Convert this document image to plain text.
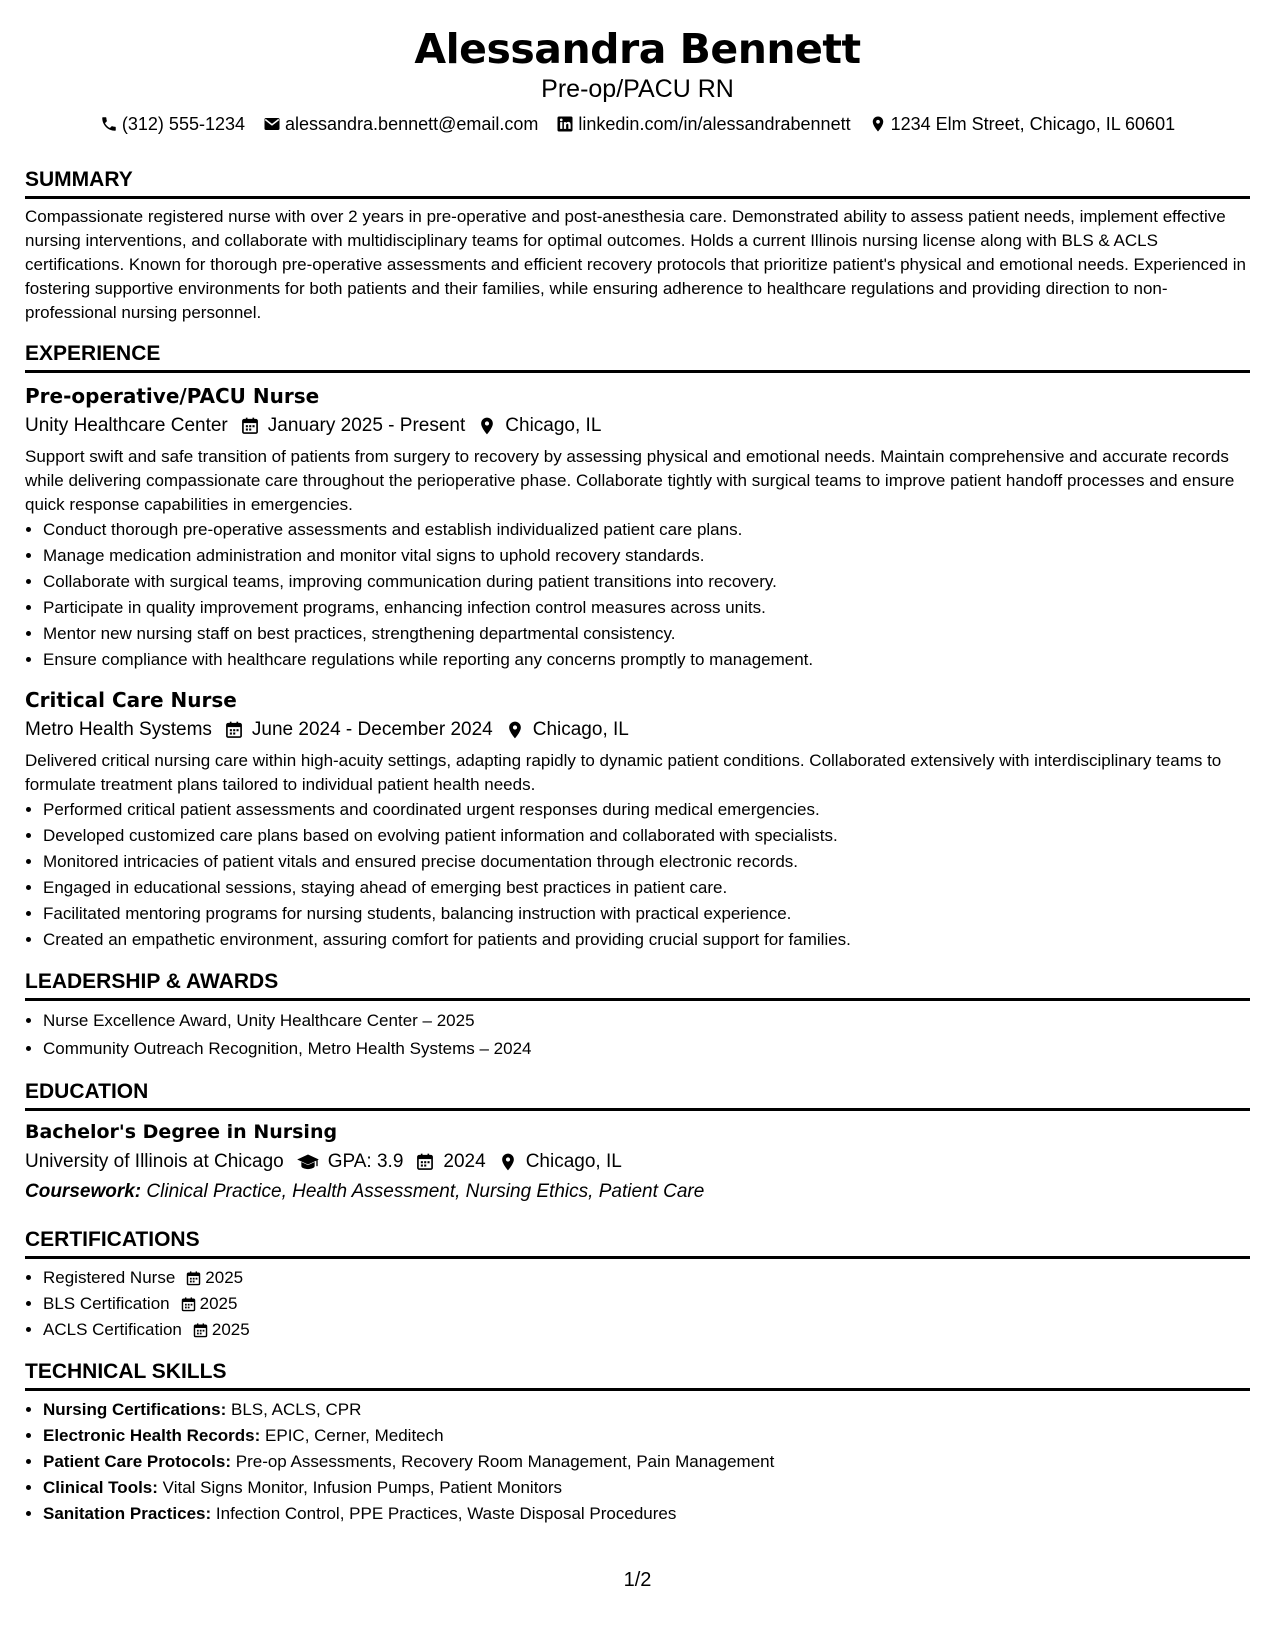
Alessandra Bennett
Pre-op/PACU RN
(312) 555-1234 alessandra.bennett@email.com linkedin.com/in/alessandrabennett 1234 Elm Street, Chicago, IL 60601
SUMMARY
Compassionate registered nurse with over 2 years in pre-operative and post-anesthesia care. Demonstrated ability to assess patient needs, implement effective nursing interventions, and collaborate with multidisciplinary teams for optimal outcomes. Holds a current Illinois nursing license along with BLS & ACLS certifications. Known for thorough pre-operative assessments and efficient recovery protocols that prioritize patient's physical and emotional needs. Experienced in fostering supportive environments for both patients and their families, while ensuring adherence to healthcare regulations and providing direction to non-professional nursing personnel.
EXPERIENCE
Pre-operative/PACU Nurse
Unity Healthcare Center January 2025 - Present Chicago, IL
Support swift and safe transition of patients from surgery to recovery by assessing physical and emotional needs. Maintain comprehensive and accurate records while delivering compassionate care throughout the perioperative phase. Collaborate tightly with surgical teams to improve patient handoff processes and ensure quick response capabilities in emergencies.
• Conduct thorough pre-operative assessments and establish individualized patient care plans.
• Manage medication administration and monitor vital signs to uphold recovery standards.
• Collaborate with surgical teams, improving communication during patient transitions into recovery.
• Participate in quality improvement programs, enhancing infection control measures across units.
• Mentor new nursing staff on best practices, strengthening departmental consistency.
• Ensure compliance with healthcare regulations while reporting any concerns promptly to management.
Critical Care Nurse
Metro Health Systems June 2024 - December 2024 Chicago, IL
Delivered critical nursing care within high-acuity settings, adapting rapidly to dynamic patient conditions. Collaborated extensively with interdisciplinary teams to formulate treatment plans tailored to individual patient health needs.
• Performed critical patient assessments and coordinated urgent responses during medical emergencies.
• Developed customized care plans based on evolving patient information and collaborated with specialists.
• Monitored intricacies of patient vitals and ensured precise documentation through electronic records.
• Engaged in educational sessions, staying ahead of emerging best practices in patient care.
• Facilitated mentoring programs for nursing students, balancing instruction with practical experience.
• Created an empathetic environment, assuring comfort for patients and providing crucial support for families.
LEADERSHIP & AWARDS
• Nurse Excellence Award, Unity Healthcare Center – 2025
• Community Outreach Recognition, Metro Health Systems – 2024
EDUCATION
Bachelor's Degree in Nursing
University of Illinois at Chicago GPA: 3.9 2024 Chicago, IL
Coursework: Clinical Practice, Health Assessment, Nursing Ethics, Patient Care
CERTIFICATIONS
• Registered Nurse 2025
• BLS Certification 2025
• ACLS Certification 2025
TECHNICAL SKILLS
• Nursing Certifications: BLS, ACLS, CPR
• Electronic Health Records: EPIC, Cerner, Meditech
• Patient Care Protocols: Pre-op Assessments, Recovery Room Management, Pain Management
• Clinical Tools: Vital Signs Monitor, Infusion Pumps, Patient Monitors
• Sanitation Practices: Infection Control, PPE Practices, Waste Disposal Procedures
1/2
